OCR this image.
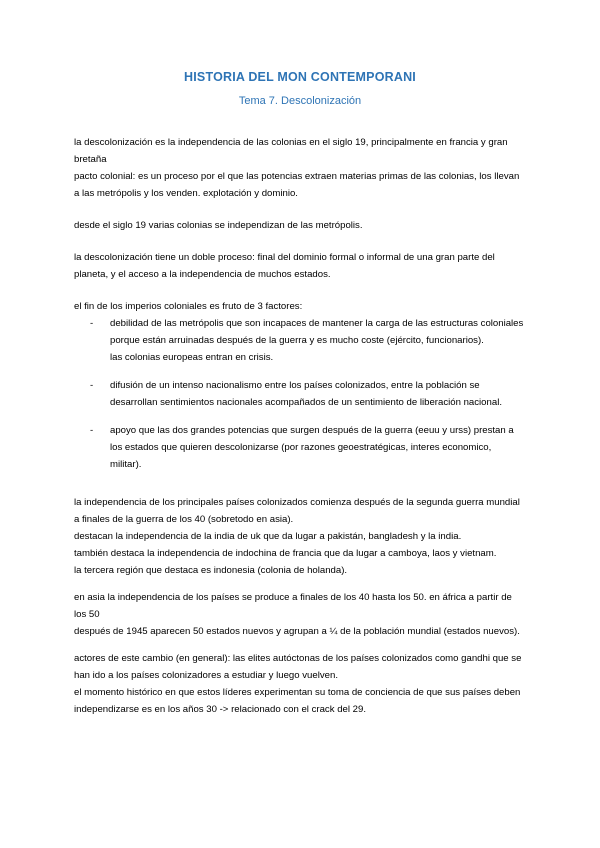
HISTORIA DEL MON CONTEMPORANI
Tema 7. Descolonización

la descolonización es la independencia de las colonias en el siglo 19, principalmente en francia y gran bretaña

pacto colonial: es un proceso por el que las potencias extraen materias primas de las colonias, los llevan a las metrópolis y los venden. explotación y dominio.

desde el siglo 19 varias colonias se independizan de las metrópolis.

la descolonización tiene un doble proceso: final del dominio formal o informal de una gran parte del planeta, y el acceso a la independencia de muchos estados.

el fin de los imperios coloniales es fruto de 3 factores:

- debilidad de las metrópolis que son incapaces de mantener la carga de las estructuras coloniales porque están arruinadas después de la guerra y es mucho coste (ejército, funcionarios).
las colonias europeas entran en crisis.
- difusión de un intenso nacionalismo entre los países colonizados, entre la población se desarrollan sentimientos nacionales acompañados de un sentimiento de liberación nacional.
- apoyo que las dos grandes potencias que surgen después de la guerra (eeuu y urss) prestan a los estados que quieren descolonizarse (por razones geoestratégicas, interes economico, militar).

la independencia de los principales países colonizados comienza después de la segunda guerra mundial a finales de la guerra de los 40 (sobretodo en asia).

destacan la independencia de la india de uk que da lugar a pakistán, bangladesh y la india.

también destaca la independencia de indochina de francia que da lugar a camboya, laos y vietnam.

la tercera región que destaca es indonesia (colonia de holanda).

en asia la independencia de los países se produce a finales de los 40 hasta los 50. en áfrica a partir de los 50

después de 1945 aparecen 50 estados nuevos y agrupan a ¼ de la población mundial (estados nuevos).

actores de este cambio (en general): las elites autóctonas de los países colonizados como gandhi que se han ido a los países colonizadores a estudiar y luego vuelven.

el momento histórico en que estos líderes experimentan su toma de conciencia de que sus países deben independizarse es en los años 30 -> relacionado con el crack del 29.
